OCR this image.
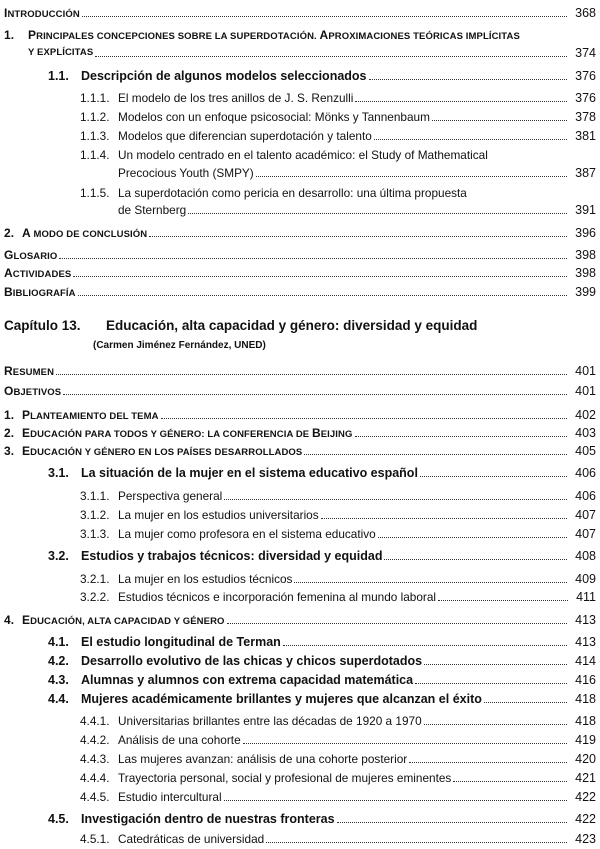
INTRODUCCIÓN	368
1. PRINCIPALES CONCEPCIONES SOBRE LA SUPERDOTACIÓN. APROXIMACIONES TEÓRICAS IMPLÍCITAS
Y EXPLÍCITAS	374
1.1. Descripción de algunos modelos seleccionados	376
1.1.1. El modelo de los tres anillos de J. S. Renzulli	376
1.1.2. Modelos con un enfoque psicosocial: Mönks y Tannenbaum	378
1.1.3. Modelos que diferencian superdotación y talento	381
1.1.4. Un modelo centrado en el talento académico: el Study of Mathematical
Precocious Youth (SMPY)	387
1.1.5. La superdotación como pericia en desarrollo: una última propuesta
de Sternberg	391
2. A MODO DE CONCLUSIÓN	396
GLOSARIO	398
ACTIVIDADES	398
BIBLIOGRAFÍA	399
Capítulo 13. Educación, alta capacidad y género: diversidad y equidad
(Carmen Jiménez Fernández, UNED)
RESUMEN	401
OBJETIVOS	401
1. PLANTEAMIENTO DEL TEMA	402
2. EDUCACIÓN PARA TODOS Y GÉNERO: LA CONFERENCIA DE BEIJING	403
3. EDUCACIÓN Y GÉNERO EN LOS PAÍSES DESARROLLADOS	405
3.1. La situación de la mujer en el sistema educativo español	406
3.1.1. Perspectiva general	406
3.1.2. La mujer en los estudios universitarios	407
3.1.3. La mujer como profesora en el sistema educativo	407
3.2. Estudios y trabajos técnicos: diversidad y equidad	408
3.2.1. La mujer en los estudios técnicos	409
3.2.2. Estudios técnicos e incorporación femenina al mundo laboral	411
4. EDUCACIÓN, ALTA CAPACIDAD Y GÉNERO	413
4.1. El estudio longitudinal de Terman	413
4.2. Desarrollo evolutivo de las chicas y chicos superdotados	414
4.3. Alumnas y alumnos con extrema capacidad matemática	416
4.4. Mujeres académicamente brillantes y mujeres que alcanzan el éxito	418
4.4.1. Universitarias brillantes entre las décadas de 1920 a 1970	418
4.4.2. Análisis de una cohorte	419
4.4.3. Las mujeres avanzan: análisis de una cohorte posterior	420
4.4.4. Trayectoria personal, social y profesional de mujeres eminentes	421
4.4.5. Estudio intercultural	422
4.5. Investigación dentro de nuestras fronteras	422
4.5.1. Catedráticas de universidad	423
